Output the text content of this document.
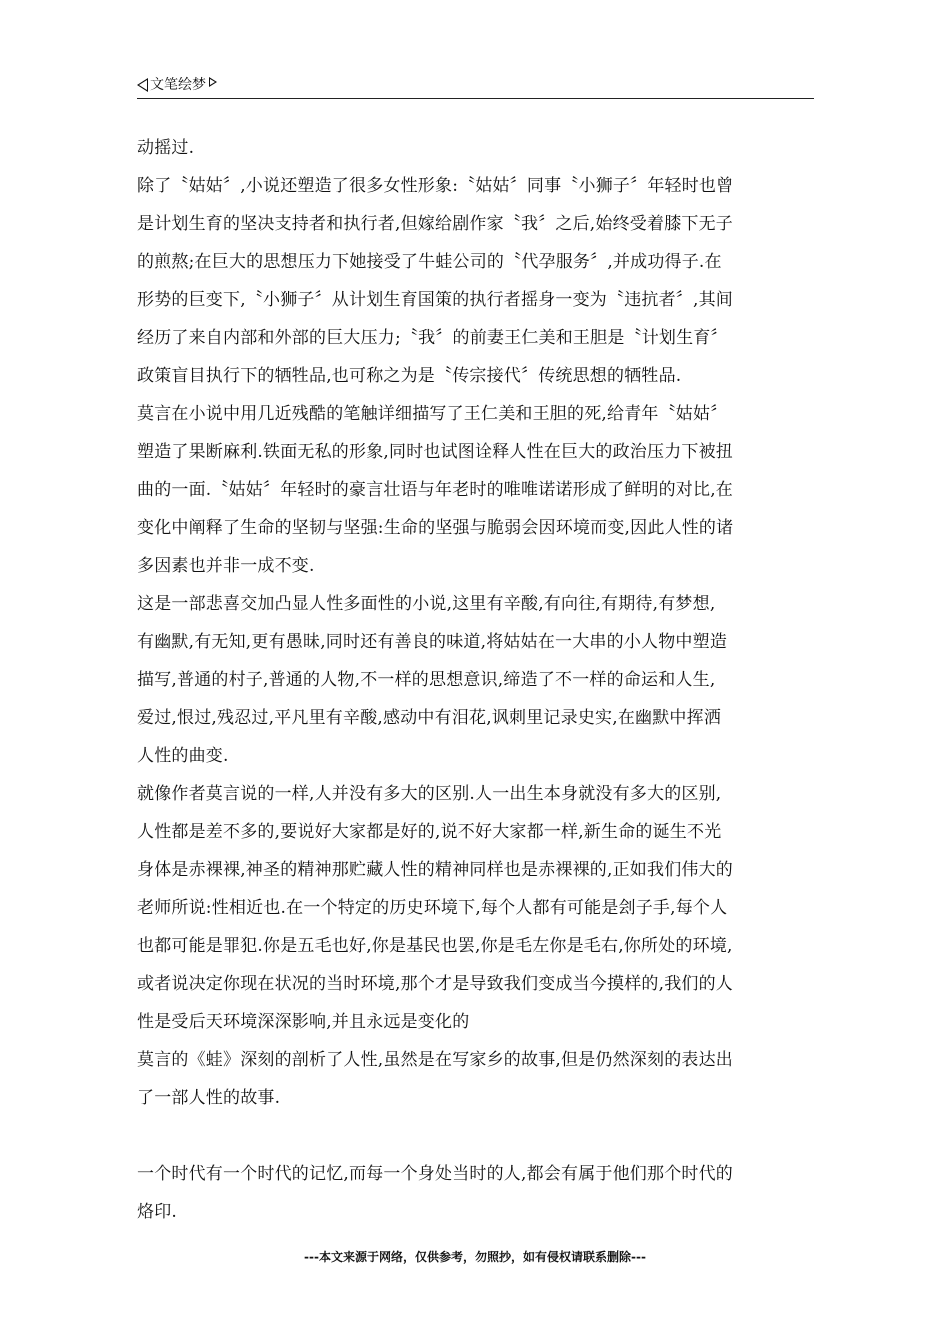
文笔绘梦
动摇过.
除了〝姑姑〞,小说还塑造了很多女性形象:〝姑姑〞同事〝小狮子〞年轻时也曾
是计划生育的坚决支持者和执行者,但嫁给剧作家〝我〞之后,始终受着膝下无子
的煎熬;在巨大的思想压力下她接受了牛蛙公司的〝代孕服务〞,并成功得子.在
形势的巨变下,〝小狮子〞从计划生育国策的执行者摇身一变为〝违抗者〞,其间
经历了来自内部和外部的巨大压力;〝我〞的前妻王仁美和王胆是〝计划生育〞
政策盲目执行下的牺牲品,也可称之为是〝传宗接代〞传统思想的牺牲品.
莫言在小说中用几近残酷的笔触详细描写了王仁美和王胆的死,给青年〝姑姑〞
塑造了果断麻利.铁面无私的形象,同时也试图诠释人性在巨大的政治压力下被扭
曲的一面.〝姑姑〞年轻时的豪言壮语与年老时的唯唯诺诺形成了鲜明的对比,在
变化中阐释了生命的坚韧与坚强:生命的坚强与脆弱会因环境而变,因此人性的诸
多因素也并非一成不变.
这是一部悲喜交加凸显人性多面性的小说,这里有辛酸,有向往,有期待,有梦想,
有幽默,有无知,更有愚昧,同时还有善良的味道,将姑姑在一大串的小人物中塑造
描写,普通的村子,普通的人物,不一样的思想意识,缔造了不一样的命运和人生,
爱过,恨过,残忍过,平凡里有辛酸,感动中有泪花,讽刺里记录史实,在幽默中挥洒
人性的曲变.
就像作者莫言说的一样,人并没有多大的区别.人一出生本身就没有多大的区别,
人性都是差不多的,要说好大家都是好的,说不好大家都一样,新生命的诞生不光
身体是赤裸裸,神圣的精神那贮藏人性的精神同样也是赤裸裸的,正如我们伟大的
老师所说:性相近也.在一个特定的历史环境下,每个人都有可能是刽子手,每个人
也都可能是罪犯.你是五毛也好,你是基民也罢,你是毛左你是毛右,你所处的环境,
或者说决定你现在状况的当时环境,那个才是导致我们变成当今摸样的,我们的人
性是受后天环境深深影响,并且永远是变化的
莫言的《蛙》深刻的剖析了人性,虽然是在写家乡的故事,但是仍然深刻的表达出
了一部人性的故事.
一个时代有一个时代的记忆,而每一个身处当时的人,都会有属于他们那个时代的
烙印.
---本文来源于网络，仅供参考，勿照抄，如有侵权请联系删除---
